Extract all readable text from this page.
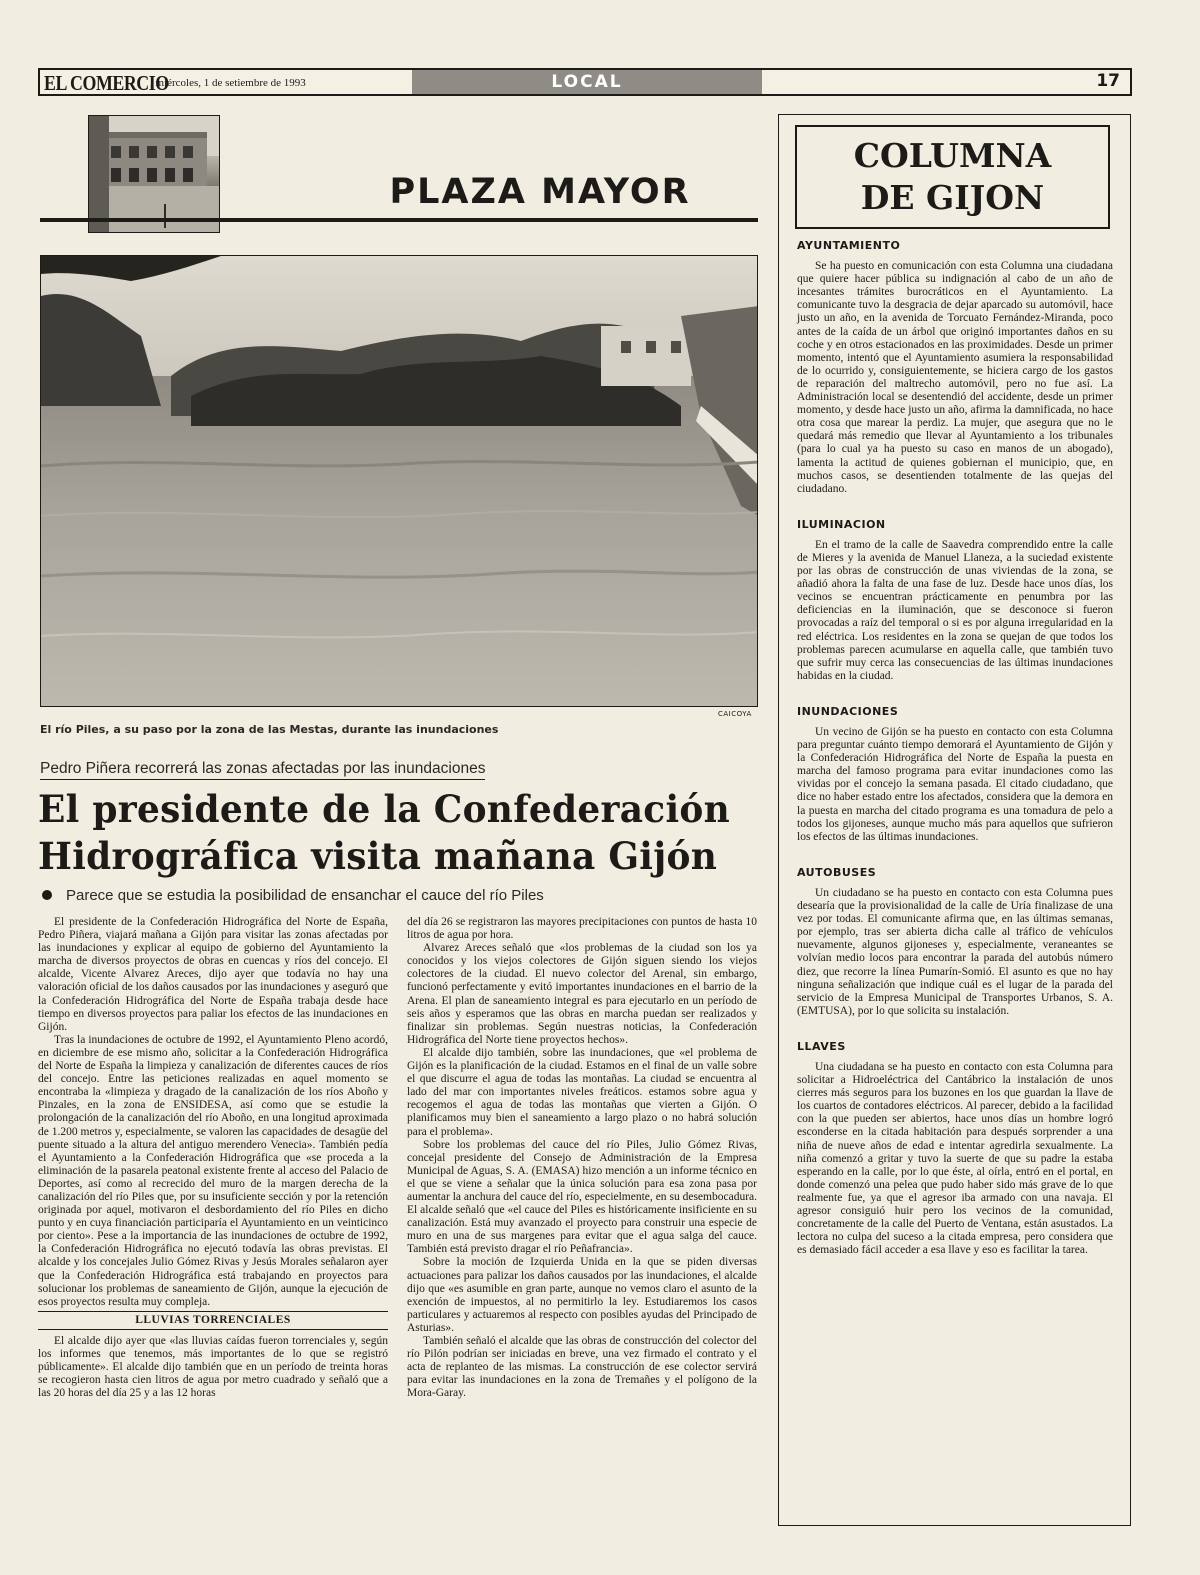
EL COMERCIO
, miércoles, 1 de setiembre de 1993	LOCAL	17
PLAZA MAYOR
CAICOYA
El río Piles, a su paso por la zona de las Mestas, durante las inundaciones
Pedro Piñera recorrerá las zonas afectadas por las inundaciones
El presidente de la Confederación Hidrográfica visita mañana Gijón
Parece que se estudia la posibilidad de ensanchar el cauce del río Piles

El presidente de la Confederación Hidrográfica del Norte de España, Pedro Piñera, viajará mañana a Gijón para visitar las zonas afectadas por las inundaciones y explicar al equipo de gobierno del Ayuntamiento la marcha de diversos proyectos de obras en cuencas y ríos del concejo. El alcalde, Vicente Alvarez Areces, dijo ayer que todavía no hay una valoración oficial de los daños causados por las inundaciones y aseguró que la Confederación Hidrográfica del Norte de España trabaja desde hace tiempo en diversos proyectos para paliar los efectos de las inundaciones en Gijón.

Tras la inundaciones de octubre de 1992, el Ayuntamiento Pleno acordó, en diciembre de ese mismo año, solicitar a la Confederación Hidrográfica del Norte de España la limpieza y canalización de diferentes cauces de ríos del concejo. Entre las peticiones realizadas en aquel momento se encontraba la «limpieza y dragado de la canalización de los ríos Aboño y Pinzales, en la zona de ENSIDESA, así como que se estudie la prolongación de la canalización del río Aboño, en una longitud aproximada de 1.200 metros y, especialmente, se valoren las capacidades de desagüe del puente situado a la altura del antiguo merendero Venecia». También pedía el Ayuntamiento a la Confederación Hidrográfica que «se proceda a la eliminación de la pasarela peatonal existente frente al acceso del Palacio de Deportes, así como al recrecido del muro de la margen derecha de la canalización del río Piles que, por su insuficiente sección y por la retención originada por aquel, motivaron el desbordamiento del río Piles en dicho punto y en cuya financiación participaría el Ayuntamiento en un veinticinco por ciento». Pese a la importancia de las inundaciones de octubre de 1992, la Confederación Hidrográfica no ejecutó todavía las obras previstas. El alcalde y los concejales Julio Gómez Rivas y Jesús Morales señalaron ayer que la Confederación Hidrográfica está trabajando en proyectos para solucionar los problemas de saneamiento de Gijón, aunque la ejecución de esos proyectos resulta muy compleja.

LLUVIAS TORRENCIALES

El alcalde dijo ayer que «las lluvias caídas fueron torrenciales y, según los informes que tenemos, más importantes de lo que se registró públicamente». El alcalde dijo también que en un período de treinta horas se recogieron hasta cien litros de agua por metro cuadrado y señaló que a las 20 horas del día 25 y a las 12 horas

del día 26 se registraron las mayores precipitaciones con puntos de hasta 10 litros de agua por hora.

Alvarez Areces señaló que «los problemas de la ciudad son los ya conocidos y los viejos colectores de Gijón siguen siendo los viejos colectores de la ciudad. El nuevo colector del Arenal, sin embargo, funcionó perfectamente y evitó importantes inundaciones en el barrio de la Arena. El plan de saneamiento integral es para ejecutarlo en un período de seis años y esperamos que las obras en marcha puedan ser realizados y finalizar sin problemas. Según nuestras noticias, la Confederación Hidrográfica del Norte tiene proyectos hechos».

El alcalde dijo también, sobre las inundaciones, que «el problema de Gijón es la planificación de la ciudad. Estamos en el final de un valle sobre el que discurre el agua de todas las montañas. La ciudad se encuentra al lado del mar con importantes niveles freáticos. estamos sobre agua y recogemos el agua de todas las montañas que vierten a Gijón. O planificamos muy bien el saneamiento a largo plazo o no habrá solución para el problema».

Sobre los problemas del cauce del río Piles, Julio Gómez Rivas, concejal presidente del Consejo de Administración de la Empresa Municipal de Aguas, S. A. (EMASA) hizo mención a un informe técnico en el que se viene a señalar que la única solución para esa zona pasa por aumentar la anchura del cauce del río, especielmente, en su desembocadura. El alcalde señaló que «el cauce del Piles es históricamente insificiente en su canalización. Está muy avanzado el proyecto para construir una especie de muro en una de sus margenes para evitar que el agua salga del cauce. También está previsto dragar el río Peñafrancia».

Sobre la moción de Izquierda Unida en la que se piden diversas actuaciones para palizar los daños causados por las inundaciones, el alcalde dijo que «es asumible en gran parte, aunque no vemos claro el asunto de la exención de impuestos, al no permitirlo la ley. Estudiaremos los casos particulares y actuaremos al respecto con posibles ayudas del Principado de Asturias».

También señaló el alcalde que las obras de construcción del colector del río Pilón podrían ser iniciadas en breve, una vez firmado el contrato y el acta de replanteo de las mismas. La construcción de ese colector servirá para evitar las inundaciones en la zona de Tremañes y el polígono de la Mora-Garay.

COLUMNA
DE GIJON
AYUNTAMIENTO

Se ha puesto en comunicación con esta Columna una ciudadana que quiere hacer pública su indignación al cabo de un año de incesantes trámites burocráticos en el Ayuntamiento. La comunicante tuvo la desgracia de dejar aparcado su automóvil, hace justo un año, en la avenida de Torcuato Fernández-Miranda, poco antes de la caída de un árbol que originó importantes daños en su coche y en otros estacionados en las proximidades. Desde un primer momento, intentó que el Ayuntamiento asumiera la responsabilidad de lo ocurrido y, consiguientemente, se hiciera cargo de los gastos de reparación del maltrecho automóvil, pero no fue así. La Administración local se desentendió del accidente, desde un primer momento, y desde hace justo un año, afirma la damnificada, no hace otra cosa que marear la perdiz. La mujer, que asegura que no le quedará más remedio que llevar al Ayuntamiento a los tribunales (para lo cual ya ha puesto su caso en manos de un abogado), lamenta la actitud de quienes gobiernan el municipio, que, en muchos casos, se desentienden totalmente de las quejas del ciudadano.

ILUMINACION

En el tramo de la calle de Saavedra comprendido entre la calle de Mieres y la avenida de Manuel Llaneza, a la suciedad existente por las obras de construcción de unas viviendas de la zona, se añadió ahora la falta de una fase de luz. Desde hace unos días, los vecinos se encuentran prácticamente en penumbra por las deficiencias en la iluminación, que se desconoce si fueron provocadas a raíz del temporal o si es por alguna irregularidad en la red eléctrica. Los residentes en la zona se quejan de que todos los problemas parecen acumularse en aquella calle, que también tuvo que sufrir muy cerca las consecuencias de las últimas inundaciones habidas en la ciudad.

INUNDACIONES

Un vecino de Gijón se ha puesto en contacto con esta Columna para preguntar cuánto tiempo demorará el Ayuntamiento de Gijón y la Confederación Hidrográfica del Norte de España la puesta en marcha del famoso programa para evitar inundaciones como las vividas por el concejo la semana pasada. El citado ciudadano, que dice no haber estado entre los afectados, considera que la demora en la puesta en marcha del citado programa es una tomadura de pelo a todos los gijoneses, aunque mucho más para aquellos que sufrieron los efectos de las últimas inundaciones.

AUTOBUSES

Un ciudadano se ha puesto en contacto con esta Columna pues desearía que la provisionalidad de la calle de Uría finalizase de una vez por todas. El comunicante afirma que, en las últimas semanas, por ejemplo, tras ser abierta dicha calle al tráfico de vehículos nuevamente, algunos gijoneses y, especialmente, veraneantes se volvían medio locos para encontrar la parada del autobús número diez, que recorre la línea Pumarín-Somió. El asunto es que no hay ninguna señalización que indique cuál es el lugar de la parada del servicio de la Empresa Municipal de Transportes Urbanos, S. A. (EMTUSA), por lo que solicita su instalación.

LLAVES

Una ciudadana se ha puesto en contacto con esta Columna para solicitar a Hidroeléctrica del Cantábrico la instalación de unos cierres más seguros para los buzones en los que guardan la llave de los cuartos de contadores eléctricos. Al parecer, debido a la facilidad con la que pueden ser abiertos, hace unos días un hombre logró esconderse en la citada habitación para después sorprender a una niña de nueve años de edad e intentar agredirla sexualmente. La niña comenzó a gritar y tuvo la suerte de que su padre la estaba esperando en la calle, por lo que éste, al oírla, entró en el portal, en donde comenzó una pelea que pudo haber sido más grave de lo que realmente fue, ya que el agresor iba armado con una navaja. El agresor consiguió huir pero los vecinos de la comunidad, concretamente de la calle del Puerto de Ventana, están asustados. La lectora no culpa del suceso a la citada empresa, pero considera que es demasiado fácil acceder a esa llave y eso es facilitar la tarea.
